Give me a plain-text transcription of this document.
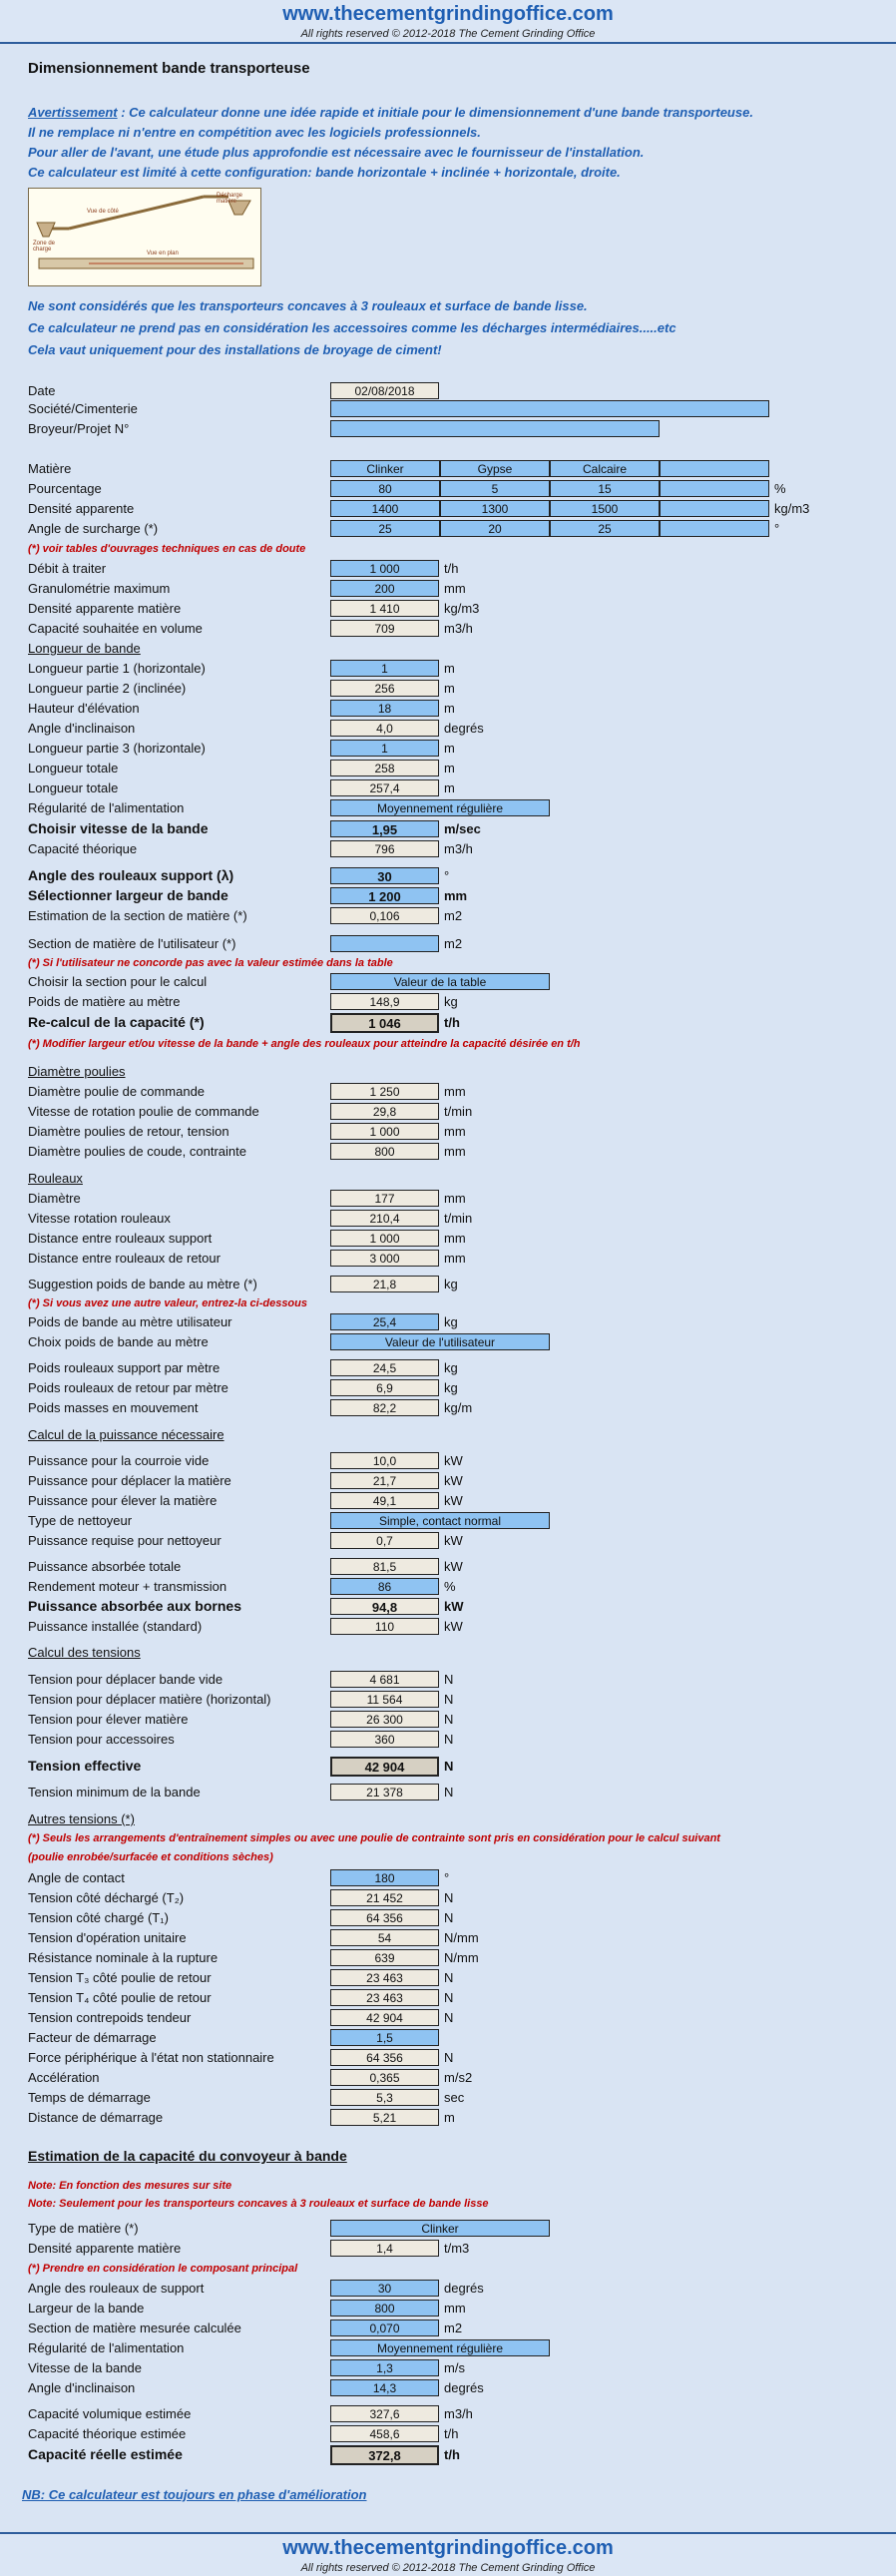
www.thecementgrindingoffice.com
All rights reserved © 2012-2018 The Cement Grinding Office
Dimensionnement bande transporteuse
Avertissement : Ce calculateur donne une idée rapide et initiale pour le dimensionnement d'une bande transporteuse.
Il ne remplace ni n'entre en compétition avec les logiciels professionnels.
Pour aller de l'avant, une étude plus approfondie est nécessaire avec le fournisseur de l'installation.
Ce calculateur est limité à cette configuration: bande horizontale + inclinée + horizontale, droite.
Vue de côté
Vue en plan
Zone de charge
Décharge matière
Ne sont considérés que les transporteurs concaves à 3 rouleaux et surface de bande lisse.
Ce calculateur ne prend pas en considération les accessoires comme les décharges intermédiaires.....etc
Cela vaut uniquement pour des installations de broyage de ciment!
Date	02/08/2018
Société/Cimenterie
Broyeur/Projet N°
Matière	Clinker	Gypse	Calcaire
Pourcentage	80	5	15	%
Densité apparente	1400	1300	1500	kg/m3
Angle de surcharge (*)	25	20	25	°
(*) voir tables d'ouvrages techniques en cas de doute
Débit à traiter	1 000	t/h
Granulométrie maximum	200	mm
Densité apparente matière	1 410	kg/m3
Capacité souhaitée en volume	709	m3/h
Longueur de bande
Longueur partie 1 (horizontale)	1	m
Longueur partie 2 (inclinée)	256	m
Hauteur d'élévation	18	m
Angle d'inclinaison	4,0	degrés
Longueur partie 3 (horizontale)	1	m
Longueur totale	258	m
Longueur totale	257,4	m
Régularité de l'alimentation	Moyennement régulière
Choisir vitesse de la bande	1,95	m/sec
Capacité théorique	796	m3/h
Angle des rouleaux support (λ)	30	°
Sélectionner largeur de bande	1 200	mm
Estimation de la section de matière (*)	0,106	m2
Section de matière de l'utilisateur (*)	m2
(*) Si l'utilisateur ne concorde pas avec la valeur estimée dans la table
Choisir la section pour le calcul	Valeur de la table
Poids de matière au mètre	148,9	kg
Re-calcul de la capacité (*)	1 046	t/h
(*) Modifier largeur et/ou vitesse de la bande + angle des rouleaux pour atteindre la capacité désirée en t/h
Diamètre poulies
Diamètre poulie de commande	1 250	mm
Vitesse de rotation poulie de commande	29,8	t/min
Diamètre poulies de retour, tension	1 000	mm
Diamètre poulies de coude, contrainte	800	mm
Rouleaux
Diamètre	177	mm
Vitesse rotation rouleaux	210,4	t/min
Distance entre rouleaux support	1 000	mm
Distance entre rouleaux de retour	3 000	mm
Suggestion poids de bande au mètre (*)	21,8	kg
(*) Si vous avez une autre valeur, entrez-la ci-dessous
Poids de bande au mètre utilisateur	25,4	kg
Choix poids de bande au mètre	Valeur de l'utilisateur
Poids rouleaux support par mètre	24,5	kg
Poids rouleaux de retour par mètre	6,9	kg
Poids masses en mouvement	82,2	kg/m
Calcul de la puissance nécessaire
Puissance pour la courroie vide	10,0	kW
Puissance pour déplacer la matière	21,7	kW
Puissance pour élever la matière	49,1	kW
Type de nettoyeur	Simple, contact normal
Puissance requise pour nettoyeur	0,7	kW
Puissance absorbée totale	81,5	kW
Rendement moteur + transmission	86	%
Puissance absorbée aux bornes	94,8	kW
Puissance installée (standard)	110	kW
Calcul des tensions
Tension pour déplacer bande vide	4 681	N
Tension pour déplacer matière (horizontal)	11 564	N
Tension pour élever matière	26 300	N
Tension pour accessoires	360	N
Tension effective	42 904	N
Tension minimum de la bande	21 378	N
Autres tensions (*)
(*) Seuls les arrangements d'entraînement simples ou avec une poulie de contrainte sont pris en considération pour le calcul suivant
(poulie enrobée/surfacée et conditions sèches)
Angle de contact	180	°
Tension côté déchargé (T₂)	21 452	N
Tension côté chargé (T₁)	64 356	N
Tension d'opération unitaire	54	N/mm
Résistance nominale à la rupture	639	N/mm
Tension T₃ côté poulie de retour	23 463	N
Tension T₄ côté poulie de retour	23 463	N
Tension contrepoids tendeur	42 904	N
Facteur de démarrage	1,5
Force périphérique à l'état non stationnaire	64 356	N
Accélération	0,365	m/s2
Temps de démarrage	5,3	sec
Distance de démarrage	5,21	m
Estimation de la capacité du convoyeur à bande
Note: En fonction des mesures sur site
Note: Seulement pour les transporteurs concaves à 3 rouleaux et surface de bande lisse
Type de matière (*)	Clinker
Densité apparente matière	1,4	t/m3
(*) Prendre en considération le composant principal
Angle des rouleaux de support	30	degrés
Largeur de la bande	800	mm
Section de matière mesurée calculée	0,070	m2
Régularité de l'alimentation	Moyennement régulière
Vitesse de la bande	1,3	m/s
Angle d'inclinaison	14,3	degrés
Capacité volumique estimée	327,6	m3/h
Capacité théorique estimée	458,6	t/h
Capacité réelle estimée	372,8	t/h
NB: Ce calculateur est toujours en phase d'amélioration
www.thecementgrindingoffice.com
All rights reserved © 2012-2018 The Cement Grinding Office
